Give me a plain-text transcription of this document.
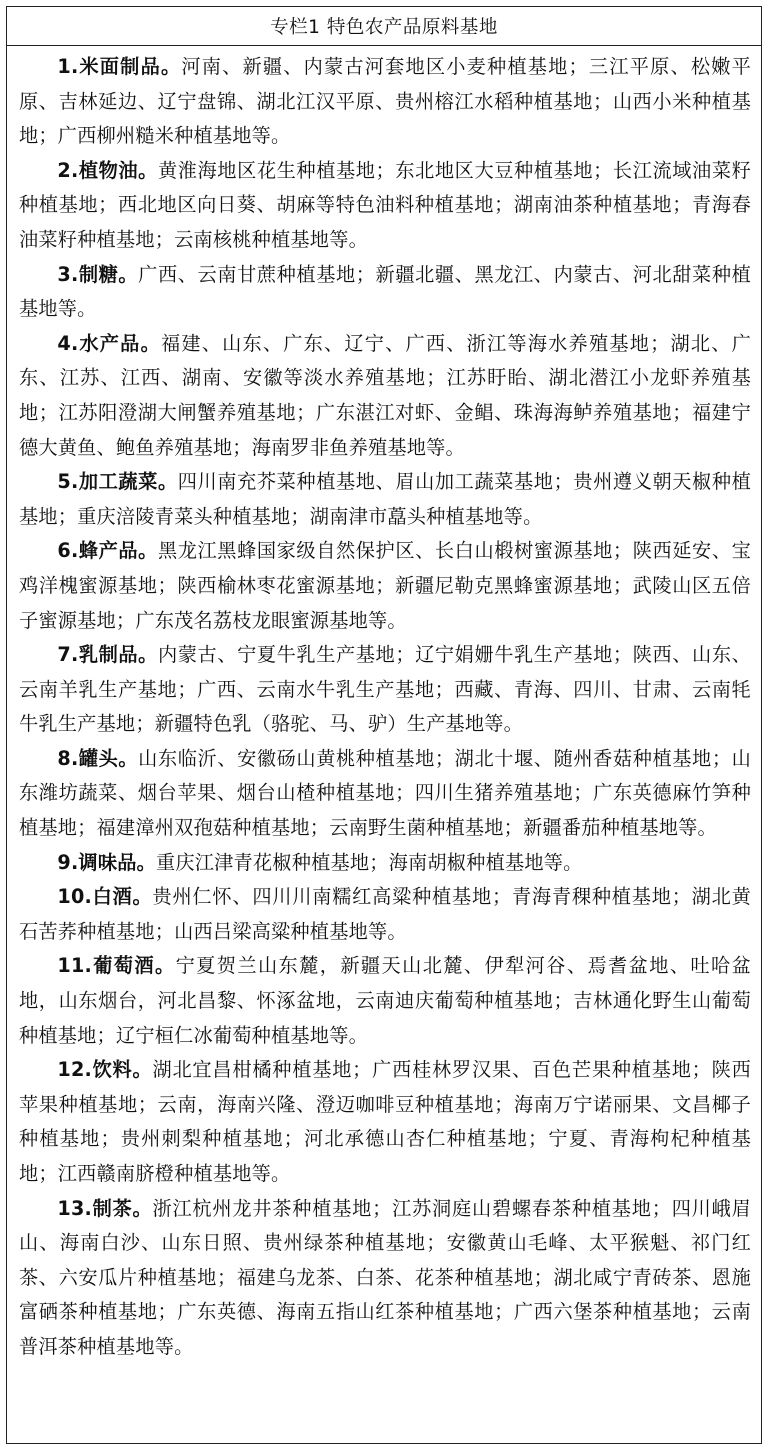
专栏1 特色农产品原料基地

1.米面制品。河南、新疆、内蒙古河套地区小麦种植基地；三江平原、松嫩平原、吉林延边、辽宁盘锦、湖北江汉平原、贵州榕江水稻种植基地；山西小米种植基地；广西柳州糙米种植基地等。

2.植物油。黄淮海地区花生种植基地；东北地区大豆种植基地；长江流域油菜籽种植基地；西北地区向日葵、胡麻等特色油料种植基地；湖南油茶种植基地；青海春油菜籽种植基地；云南核桃种植基地等。

3.制糖。广西、云南甘蔗种植基地；新疆北疆、黑龙江、内蒙古、河北甜菜种植基地等。

4.水产品。福建、山东、广东、辽宁、广西、浙江等海水养殖基地；湖北、广东、江苏、江西、湖南、安徽等淡水养殖基地；江苏盱眙、湖北潜江小龙虾养殖基地；江苏阳澄湖大闸蟹养殖基地；广东湛江对虾、金鲳、珠海海鲈养殖基地；福建宁德大黄鱼、鲍鱼养殖基地；海南罗非鱼养殖基地等。

5.加工蔬菜。四川南充芥菜种植基地、眉山加工蔬菜基地；贵州遵义朝天椒种植基地；重庆涪陵青菜头种植基地；湖南津市藠头种植基地等。

6.蜂产品。黑龙江黑蜂国家级自然保护区、长白山椴树蜜源基地；陕西延安、宝鸡洋槐蜜源基地；陕西榆林枣花蜜源基地；新疆尼勒克黑蜂蜜源基地；武陵山区五倍子蜜源基地；广东茂名荔枝龙眼蜜源基地等。

7.乳制品。内蒙古、宁夏牛乳生产基地；辽宁娟姗牛乳生产基地；陕西、山东、云南羊乳生产基地；广西、云南水牛乳生产基地；西藏、青海、四川、甘肃、云南牦牛乳生产基地；新疆特色乳（骆驼、马、驴）生产基地等。

8.罐头。山东临沂、安徽砀山黄桃种植基地；湖北十堰、随州香菇种植基地；山东潍坊蔬菜、烟台苹果、烟台山楂种植基地；四川生猪养殖基地；广东英德麻竹笋种植基地；福建漳州双孢菇种植基地；云南野生菌种植基地；新疆番茄种植基地等。

9.调味品。重庆江津青花椒种植基地；海南胡椒种植基地等。

10.白酒。贵州仁怀、四川川南糯红高粱种植基地；青海青稞种植基地；湖北黄石苦荞种植基地；山西吕梁高粱种植基地等。

11.葡萄酒。宁夏贺兰山东麓，新疆天山北麓、伊犁河谷、焉耆盆地、吐哈盆地，山东烟台，河北昌黎、怀涿盆地，云南迪庆葡萄种植基地；吉林通化野生山葡萄种植基地；辽宁桓仁冰葡萄种植基地等。

12.饮料。湖北宜昌柑橘种植基地；广西桂林罗汉果、百色芒果种植基地；陕西苹果种植基地；云南，海南兴隆、澄迈咖啡豆种植基地；海南万宁诺丽果、文昌椰子种植基地；贵州刺梨种植基地；河北承德山杏仁种植基地；宁夏、青海枸杞种植基地；江西赣南脐橙种植基地等。

13.制茶。浙江杭州龙井茶种植基地；江苏洞庭山碧螺春茶种植基地；四川峨眉山、海南白沙、山东日照、贵州绿茶种植基地；安徽黄山毛峰、太平猴魁、祁门红茶、六安瓜片种植基地；福建乌龙茶、白茶、花茶种植基地；湖北咸宁青砖茶、恩施富硒茶种植基地；广东英德、海南五指山红茶种植基地；广西六堡茶种植基地；云南普洱茶种植基地等。
